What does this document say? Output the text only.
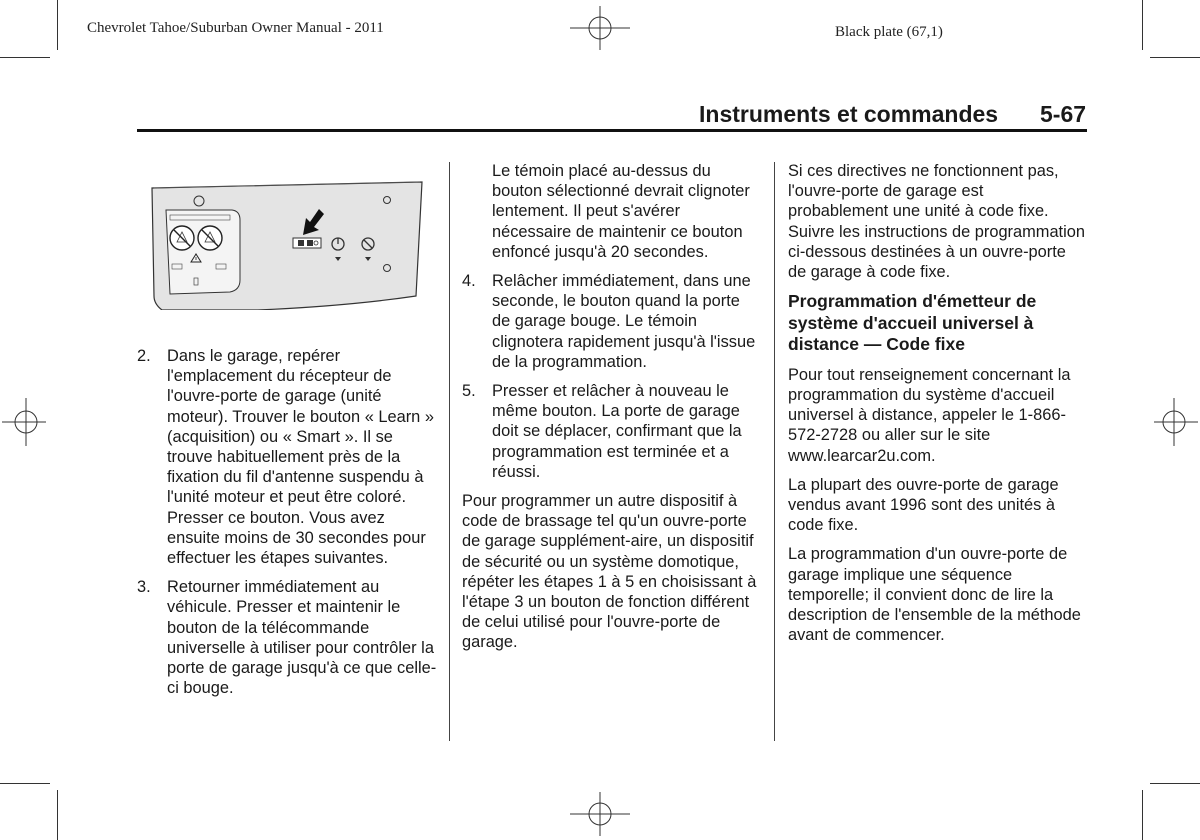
Chevrolet Tahoe/Suburban Owner Manual - 2011	Black plate (67,1)
Instruments et commandes 5-67
2. Dans le garage, repérer l'emplacement du récepteur de l'ouvre-porte de garage (unité moteur). Trouver le bouton « Learn » (acquisition) ou « Smart ». Il se trouve habituellement près de la fixation du fil d'antenne suspendu à l'unité moteur et peut être coloré. Presser ce bouton. Vous avez ensuite moins de 30 secondes pour effectuer les étapes suivantes.
3. Retourner immédiatement au véhicule. Presser et maintenir le bouton de la télécommande universelle à utiliser pour contrôler la porte de garage jusqu'à ce que celle-ci bouge.

Le témoin placé au-dessus du bouton sélectionné devrait clignoter lentement. Il peut s'avérer nécessaire de maintenir ce bouton enfoncé jusqu'à 20 secondes.

4. Relâcher immédiatement, dans une seconde, le bouton quand la porte de garage bouge. Le témoin clignotera rapidement jusqu'à l'issue de la programmation.
5. Presser et relâcher à nouveau le même bouton. La porte de garage doit se déplacer, confirmant que la programmation est terminée et a réussi.

Pour programmer un autre dispositif à code de brassage tel qu'un ouvre-porte de garage supplément-aire, un dispositif de sécurité ou un système domotique, répéter les étapes 1 à 5 en choisissant à l'étape 3 un bouton de fonction différent de celui utilisé pour l'ouvre-porte de garage.

Si ces directives ne fonctionnent pas, l'ouvre-porte de garage est probablement une unité à code fixe. Suivre les instructions de programmation ci-dessous destinées à un ouvre-porte de garage à code fixe.

Programmation d'émetteur de système d'accueil universel à distance — Code fixe

Pour tout renseignement concernant la programmation du système d'accueil universel à distance, appeler le 1-866-572-2728 ou aller sur le site www.learcar2u.com.

La plupart des ouvre-porte de garage vendus avant 1996 sont des unités à code fixe.

La programmation d'un ouvre-porte de garage implique une séquence temporelle; il convient donc de lire la description de l'ensemble de la méthode avant de commencer.
